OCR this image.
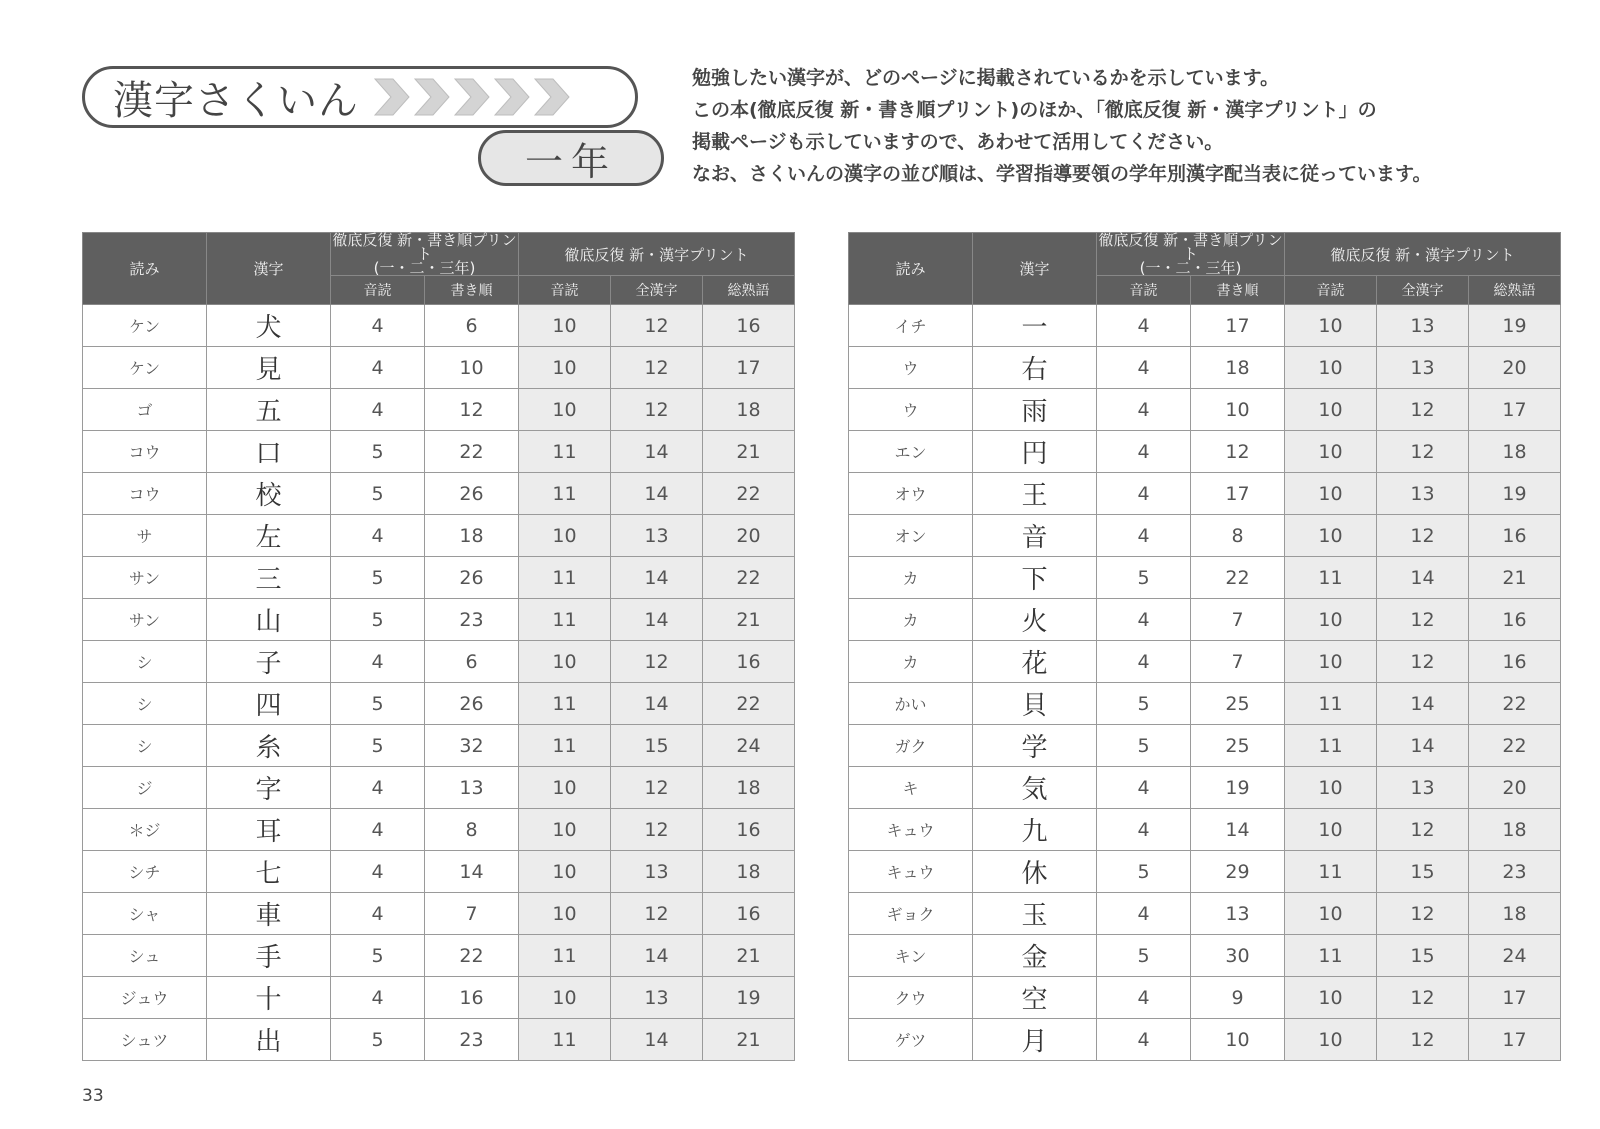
漢字さくいん
一年

勉強したい漢字が、どのページに掲載されているかを示しています。

この本(徹底反復 新・書き順プリント)のほか、「徹底反復 新・漢字プリント」の

掲載ページも示していますので、あわせて活用してください。

なお、さくいんの漢字の並び順は、学習指導要領の学年別漢字配当表に従っています。

読み	漢字	徹底反復 新・書き順プリント
(一・二・三年)		徹底反復 新・漢字プリント		
		音読	書き順	音読	全漢字	総熟語
ケン	犬	4	6	10	12	16
ケン	見	4	10	10	12	17
ゴ	五	4	12	10	12	18
コウ	口	5	22	11	14	21
コウ	校	5	26	11	14	22
サ	左	4	18	10	13	20
サン	三	5	26	11	14	22
サン	山	5	23	11	14	21
シ	子	4	6	10	12	16
シ	四	5	26	11	14	22
シ	糸	5	32	11	15	24
ジ	字	4	13	10	12	18
＊ジ	耳	4	8	10	12	16
シチ	七	4	14	10	13	18
シャ	車	4	7	10	12	16
シュ	手	5	22	11	14	21
ジュウ	十	4	16	10	13	19
シュツ	出	5	23	11	14	21
読み	漢字	徹底反復 新・書き順プリント
(一・二・三年)		徹底反復 新・漢字プリント		
		音読	書き順	音読	全漢字	総熟語
イチ	一	4	17	10	13	19
ウ	右	4	18	10	13	20
ウ	雨	4	10	10	12	17
エン	円	4	12	10	12	18
オウ	王	4	17	10	13	19
オン	音	4	8	10	12	16
カ	下	5	22	11	14	21
カ	火	4	7	10	12	16
カ	花	4	7	10	12	16
かい	貝	5	25	11	14	22
ガク	学	5	25	11	14	22
キ	気	4	19	10	13	20
キュウ	九	4	14	10	12	18
キュウ	休	5	29	11	15	23
ギョク	玉	4	13	10	12	18
キン	金	5	30	11	15	24
クウ	空	4	9	10	12	17
ゲツ	月	4	10	10	12	17
33
